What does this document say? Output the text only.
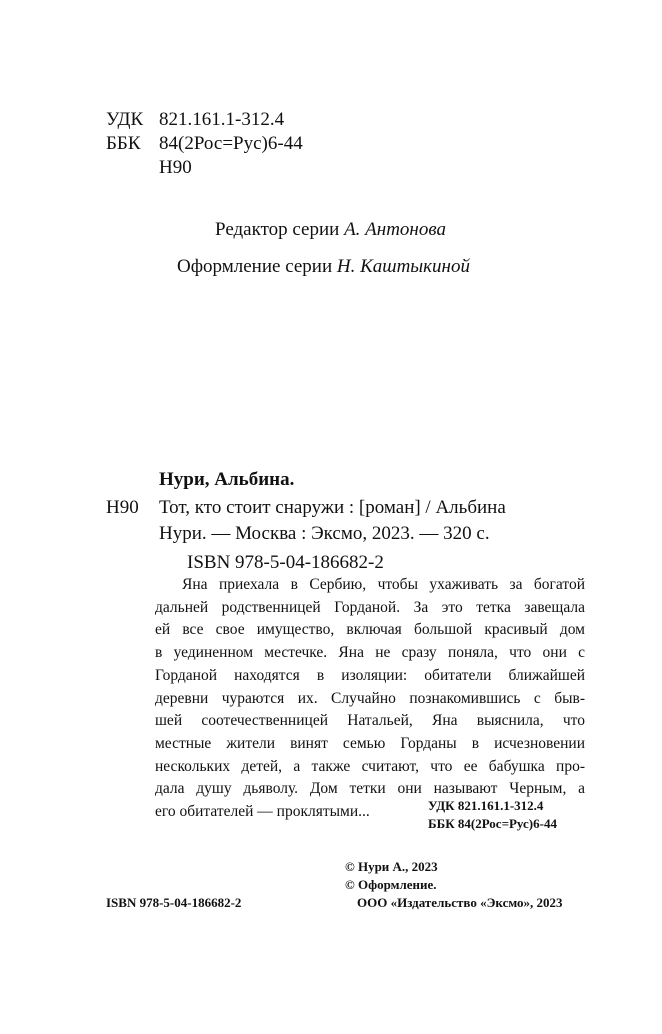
УДК 821.161.1-312.4
ББК 84(2Рос=Рус)6-44
Н90
Редактор серии А. Антонова
Оформление серии Н. Каштыкиной
Нури, Альбина.
Н90 Тот, кто стоит снаружи : [роман] / Альбина
Нури. — Москва : Эксмо, 2023. — 320 с.
ISBN 978-5-04-186682-2
Яна приехала в Сербию, чтобы ухаживать за богатой
дальней родственницей Горданой. За это тетка завещала
ей все свое имущество, включая большой красивый дом
в уединенном местечке. Яна не сразу поняла, что они с
Горданой находятся в изоляции: обитатели ближайшей
деревни чураются их. Случайно познакомившись с быв-
шей соотечественницей Натальей, Яна выяснила, что
местные жители винят семью Горданы в исчезновении
нескольких детей, а также считают, что ее бабушка про-
дала душу дьяволу. Дом тетки они называют Черным, а
его обитателей — проклятыми...	УДК 821.161.1-312.4
ББК 84(2Рос=Рус)6-44
© Нури А., 2023
© Оформление.
ISBN 978-5-04-186682-2	ООО «Издательство «Эксмо», 2023
